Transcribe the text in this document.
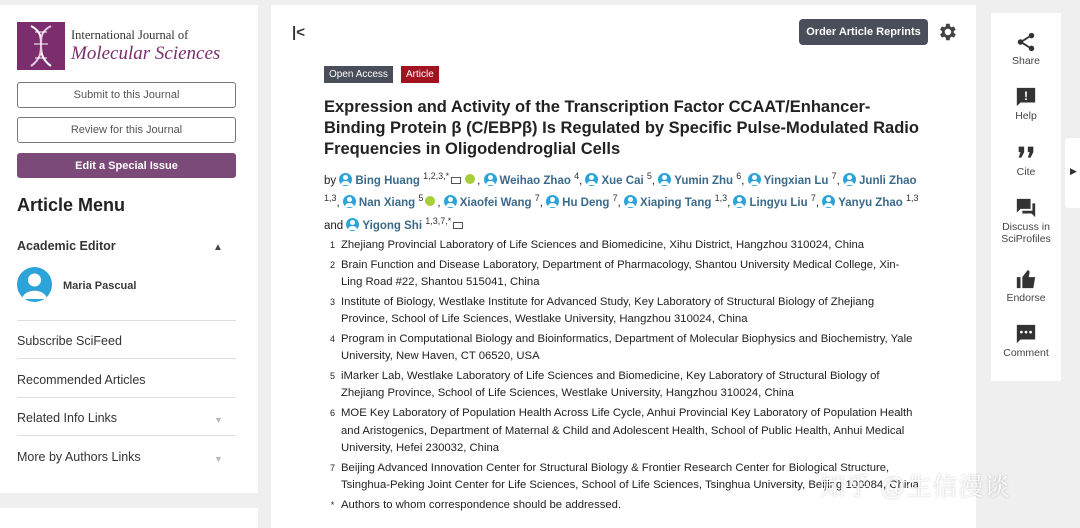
International Journal of
Molecular Sciences
Submit to this Journal
Review for this Journal
Edit a Special Issue
Article Menu
Academic Editor	▲
Maria Pascual
Subscribe SciFeed
Recommended Articles
Related Info Links	▼
More by Authors Links	▼
|<	Order Article Reprints
Open Access	Article
Expression and Activity of the Transcription Factor CCAAT/Enhancer-Binding Protein β (C/EBPβ) Is Regulated by Specific Pulse-Modulated Radio Frequencies in Oligodendroglial Cells
by Bing Huang $^{1,2,3,*}$ , Weihao Zhao $^4$, Xue Cai $^5$, Yumin Zhu $^6$, Yingxian Lu $^7$, Junli Zhao $^{1,3}$, Nan Xiang $^5$ , Xiaofei Wang $^7$, Hu Deng $^7$, Xiaping Tang $^{1,3}$, Lingyu Liu $^7$, Yanyu Zhao $^{1,3}$ and Yigong Shi $^{1,3,7,*}$
1 Zhejiang Provincial Laboratory of Life Sciences and Biomedicine, Xihu District, Hangzhou 310024, China
2 Brain Function and Disease Laboratory, Department of Pharmacology, Shantou University Medical College, Xin-Ling Road #22, Shantou 515041, China
3 Institute of Biology, Westlake Institute for Advanced Study, Key Laboratory of Structural Biology of Zhejiang Province, School of Life Sciences, Westlake University, Hangzhou 310024, China
4 Program in Computational Biology and Bioinformatics, Department of Molecular Biophysics and Biochemistry, Yale University, New Haven, CT 06520, USA
5 iMarker Lab, Westlake Laboratory of Life Sciences and Biomedicine, Key Laboratory of Structural Biology of Zhejiang Province, School of Life Sciences, Westlake University, Hangzhou 310024, China
6 MOE Key Laboratory of Population Health Across Life Cycle, Anhui Provincial Key Laboratory of Population Health and Aristogenics, Department of Maternal & Child and Adolescent Health, School of Public Health, Anhui Medical University, Hefei 230032, China
7 Beijing Advanced Innovation Center for Structural Biology & Frontier Research Center for Biological Structure, Tsinghua-Peking Joint Center for Life Sciences, School of Life Sciences, Tsinghua University, Beijing 100084, China
* Authors to whom correspondence should be addressed.
Share
!
Help
Cite
Discuss in SciProfiles
Endorse
Comment
▶
知乎 @生信漫谈
